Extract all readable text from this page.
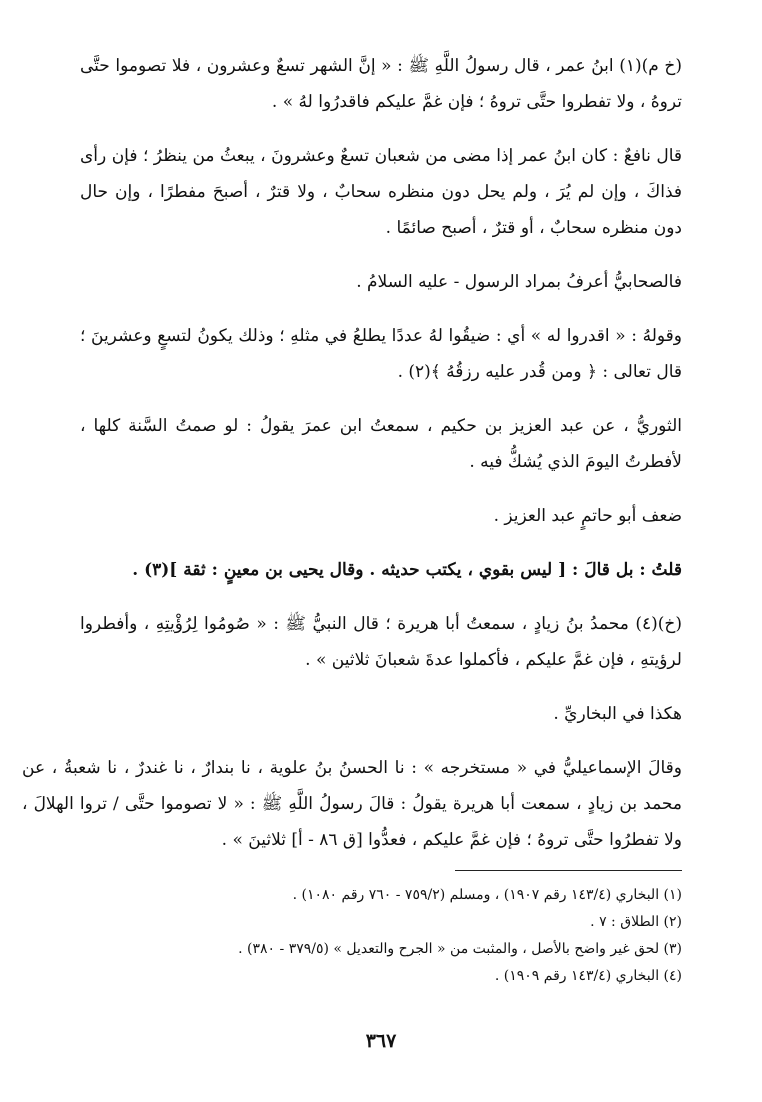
(خ م)(١) ابنُ عمر ، قال رسولُ اللَّهِ ﷺ : « إنَّ الشهر تسعٌ وعشرون ، فلا تصوموا حتَّى تروهُ ، ولا تفطروا حتَّى تروهُ ؛ فإن غمَّ عليكم فاقدرُوا لهُ » .

قال نافعٌ : كان ابنُ عمر إذا مضى من شعبان تسعٌ وعشرونَ ، يبعثُ من ينظرُ ؛ فإن رأى فذاكَ ، وإن لم يُرَ ، ولم يحل دون منظره سحابٌ ، ولا قترٌ ، أصبحَ مفطرًا ، وإن حال دون منظره سحابٌ ، أو قترٌ ، أصبح صائمًا .

فالصحابيُّ أعرفُ بمراد الرسول - عليه السلامُ .

وقولهُ : « اقدروا له » أي : ضيقُوا لهُ عددًا يطلعُ في مثلهِ ؛ وذلك يكونُ لتسعٍ وعشرينَ ؛ قال تعالى : ﴿ ومن قُدر عليه رزقُهُ ﴾(٢) .

الثوريُّ ، عن عبد العزيز بن حكيم ، سمعتُ ابن عمرَ يقولُ : لو صمتُ السَّنة كلها ، لأفطرتُ اليومَ الذي يُشكُّ فيه .

ضعف أبو حاتمٍ عبد العزيز .

قلتُ : بل قالَ : [ ليس بقوي ، يكتب حديثه . وقال يحيى بن معينٍ : ثقة ](٣) .

(خ)(٤) محمدُ بنُ زيادٍ ، سمعتُ أبا هريرة ؛ قال النبيُّ ﷺ : « صُومُوا لِرُؤْيتِهِ ، وأفطروا لرؤيتهِ ، فإن غمَّ عليكم ، فأكملوا عدةَ شعبانَ ثلاثين » .

هكذا في البخاريِّ .

وقالَ الإسماعيليُّ في « مستخرجه » : نا الحسنُ بنُ علوية ، نا بندارٌ ، نا غندرٌ ، نا شعبةُ ، عن محمد بن زيادٍ ، سمعت أبا هريرة يقولُ : قالَ رسولُ اللَّهِ ﷺ : « لا تصوموا حتَّى / تروا الهلالَ ، ولا تفطرُوا حتَّى تروهُ ؛ فإن غمَّ عليكم ، فعدُّوا [ق ٨٦ - أ] ثلاثينَ » .

(١) البخاري (١٤٣/٤ رقم ١٩٠٧) ، ومسلم (٧٥٩/٢ - ٧٦٠ رقم ١٠٨٠) .
(٢) الطلاق : ٧ .
(٣) لحق غير واضح بالأصل ، والمثبت من « الجرح والتعديل » (٣٧٩/٥ - ٣٨٠) .
(٤) البخاري (١٤٣/٤ رقم ١٩٠٩) .
٣٦٧
